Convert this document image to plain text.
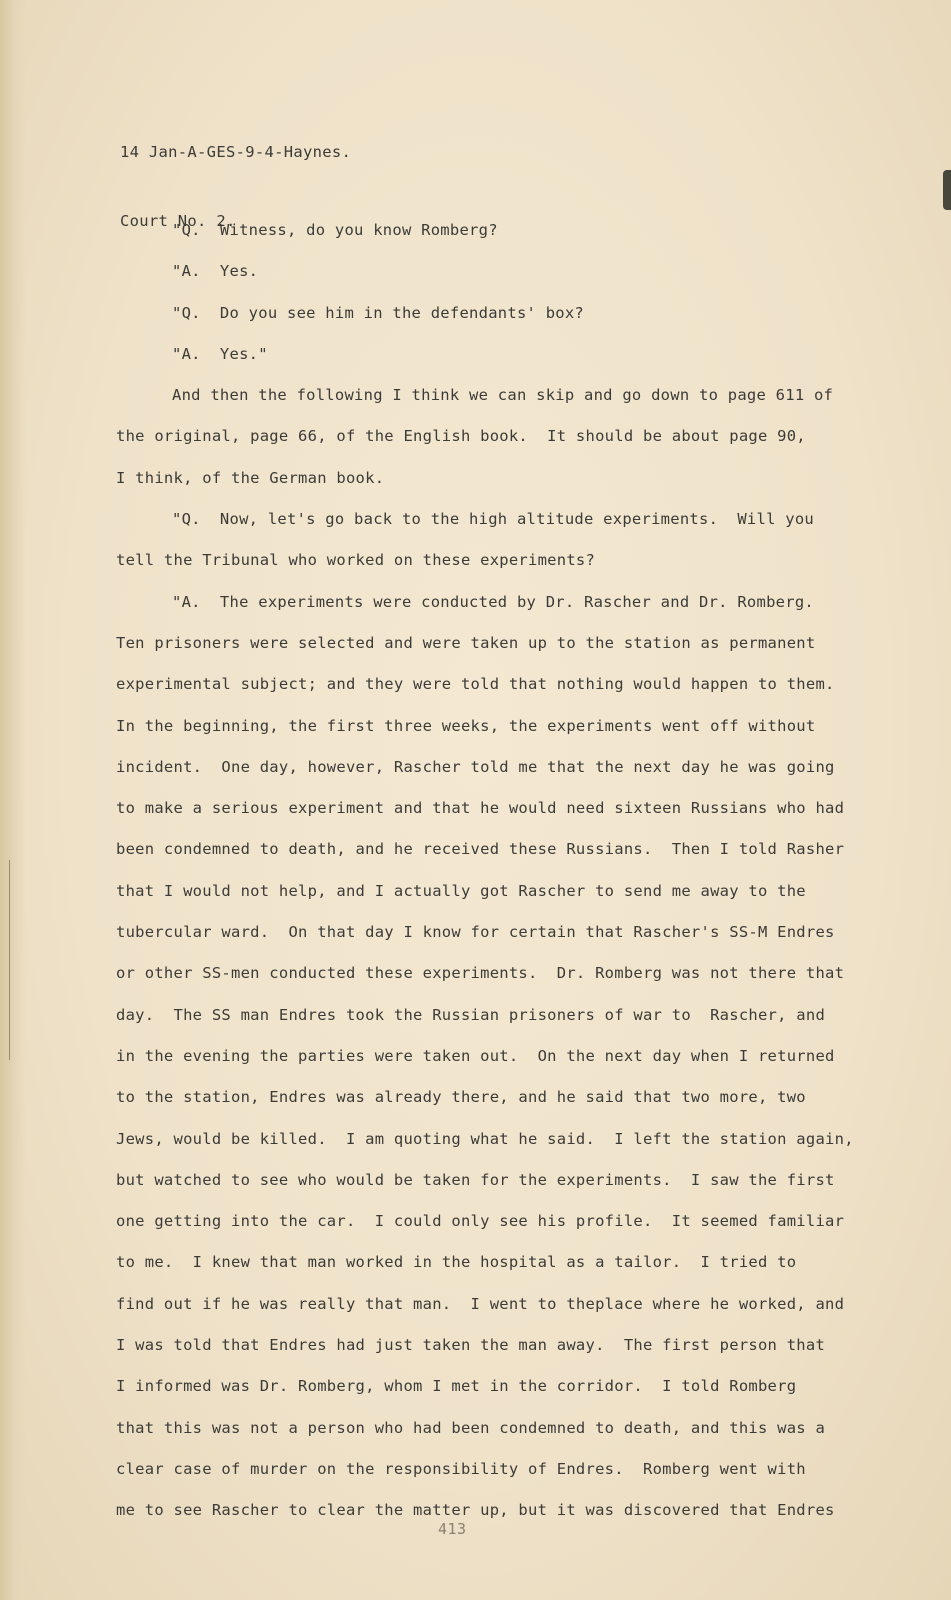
14 Jan-A-GES-9-4-Haynes.

Court No. 2.

"Q.  Witness, do you know Romberg?
"A.  Yes.
"Q.  Do you see him in the defendants' box?
"A.  Yes."
And then the following I think we can skip and go down to page 611 of
the original, page 66, of the English book.  It should be about page 90,
I think, of the German book.
"Q.  Now, let's go back to the high altitude experiments.  Will you
tell the Tribunal who worked on these experiments?
"A.  The experiments were conducted by Dr. Rascher and Dr. Romberg.
Ten prisoners were selected and were taken up to the station as permanent
experimental subject; and they were told that nothing would happen to them.
In the beginning, the first three weeks, the experiments went off without
incident.  One day, however, Rascher told me that the next day he was going
to make a serious experiment and that he would need sixteen Russians who had
been condemned to death, and he received these Russians.  Then I told Rasher
that I would not help, and I actually got Rascher to send me away to the
tubercular ward.  On that day I know for certain that Rascher's SS-M Endres
or other SS-men conducted these experiments.  Dr. Romberg was not there that
day.  The SS man Endres took the Russian prisoners of war to  Rascher, and
in the evening the parties were taken out.  On the next day when I returned
to the station, Endres was already there, and he said that two more, two
Jews, would be killed.  I am quoting what he said.  I left the station again,
but watched to see who would be taken for the experiments.  I saw the first
one getting into the car.  I could only see his profile.  It seemed familiar
to me.  I knew that man worked in the hospital as a tailor.  I tried to
find out if he was really that man.  I went to theplace where he worked, and
I was told that Endres had just taken the man away.  The first person that
I informed was Dr. Romberg, whom I met in the corridor.  I told Romberg
that this was not a person who had been condemned to death, and this was a
clear case of murder on the responsibility of Endres.  Romberg went with
me to see Rascher to clear the matter up, but it was discovered that Endres
413
